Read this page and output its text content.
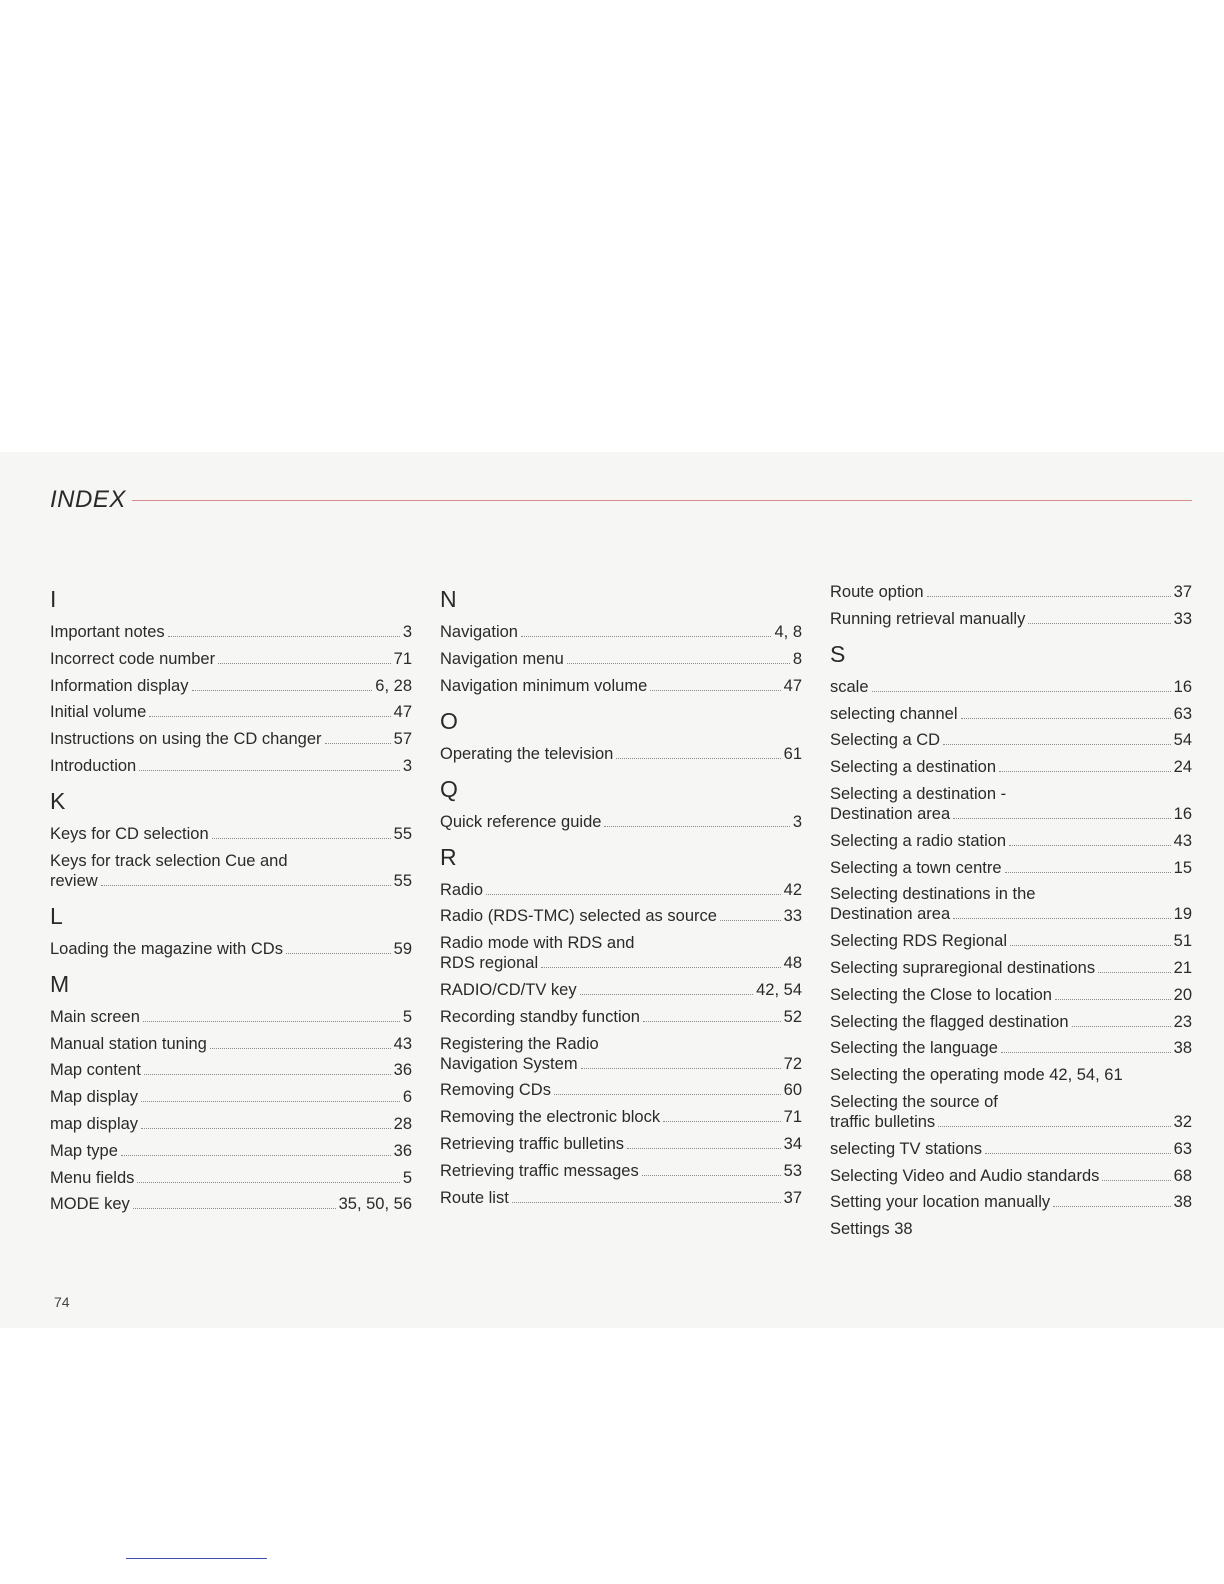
INDEX
I
Important notes	3
Incorrect code number	71
Information display	6, 28
Initial volume	47
Instructions on using the CD changer	57
Introduction	3
K
Keys for CD selection	55
Keys for track selection Cue and
review	55
L
Loading the magazine with CDs	59
M
Main screen	5
Manual station tuning	43
Map content	36
Map display	6
map display	28
Map type	36
Menu fields	5
MODE key	35, 50, 56
N
Navigation	4, 8
Navigation menu	8
Navigation minimum volume	47
O
Operating the television	61
Q
Quick reference guide	3
R
Radio	42
Radio (RDS-TMC) selected as source	33
Radio mode with RDS and
RDS regional	48
RADIO/CD/TV key	42, 54
Recording standby function	52
Registering the Radio
Navigation System	72
Removing CDs	60
Removing the electronic block	71
Retrieving traffic bulletins	34
Retrieving traffic messages	53
Route list	37
Route option	37
Running retrieval manually	33
S
scale	16
selecting channel	63
Selecting a CD	54
Selecting a destination	24
Selecting a destination -
Destination area	16
Selecting a radio station	43
Selecting a town centre	15
Selecting destinations in the
Destination area	19
Selecting RDS Regional	51
Selecting supraregional destinations	21
Selecting the Close to location	20
Selecting the flagged destination	23
Selecting the language	38
Selecting the operating mode 42, 54, 61
Selecting the source of
traffic bulletins	32
selecting TV stations	63
Selecting Video and Audio standards	68
Setting your location manually	38
Settings 38
74
